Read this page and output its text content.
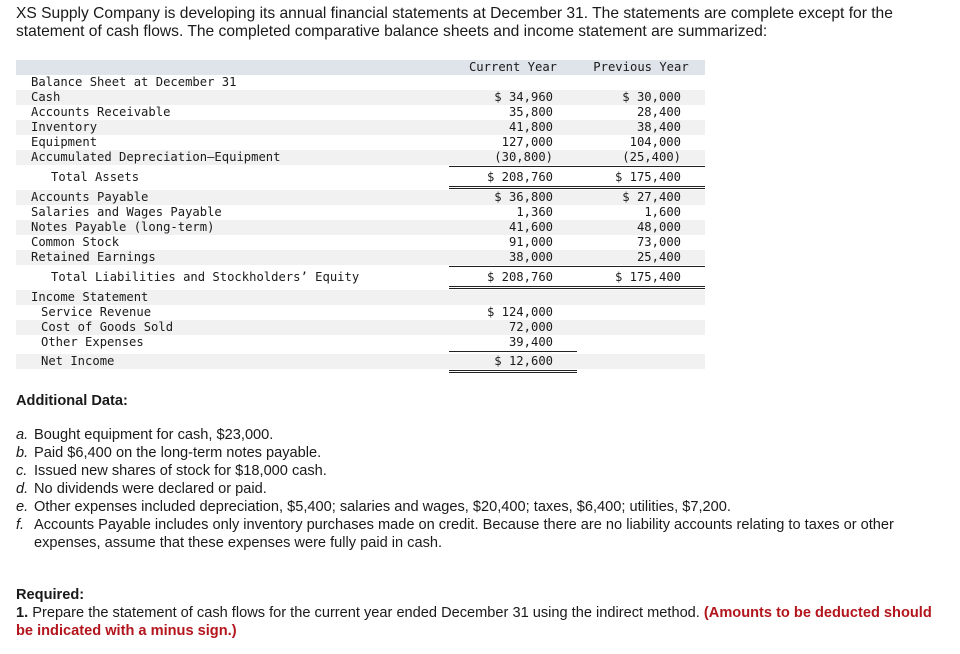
XS Supply Company is developing its annual financial statements at December 31. The statements are complete except for the statement of cash flows. The completed comparative balance sheets and income statement are summarized:
Current Year	Previous Year
Balance Sheet at December 31
Cash	$ 34,960	$ 30,000
Accounts Receivable	35,800	28,400
Inventory	41,800	38,400
Equipment	127,000	104,000
Accumulated Depreciation—Equipment	(30,800)	(25,400)
Total Assets	$ 208,760	$ 175,400
Accounts Payable	$ 36,800	$ 27,400
Salaries and Wages Payable	1,360	1,600
Notes Payable (long-term)	41,600	48,000
Common Stock	91,000	73,000
Retained Earnings	38,000	25,400
Total Liabilities and Stockholders’ Equity	$ 208,760	$ 175,400
Income Statement
Service Revenue	$ 124,000
Cost of Goods Sold	72,000
Other Expenses	39,400
Net Income	$ 12,600
Additional Data:
a. Bought equipment for cash, $23,000.
b. Paid $6,400 on the long-term notes payable.
c. Issued new shares of stock for $18,000 cash.
d. No dividends were declared or paid.
e. Other expenses included depreciation, $5,400; salaries and wages, $20,400; taxes, $6,400; utilities, $7,200.
f. Accounts Payable includes only inventory purchases made on credit. Because there are no liability accounts relating to taxes or other expenses, assume that these expenses were fully paid in cash.
Required:
1. Prepare the statement of cash flows for the current year ended December 31 using the indirect method. (Amounts to be deducted should be indicated with a minus sign.)
